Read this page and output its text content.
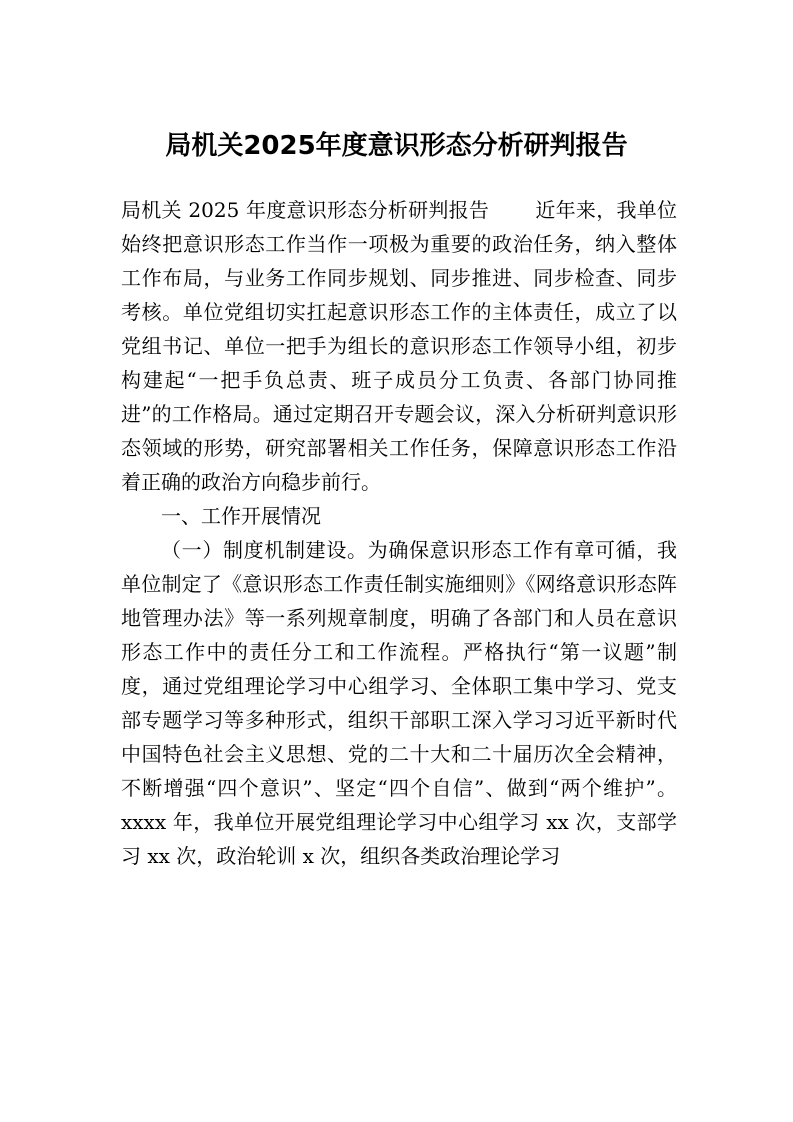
局机关2025年度意识形态分析研判报告

局机关 2025 年度意识形态分析研判报告 近年来，我单位始终把意识形态工作当作一项极为重要的政治任务，纳入整体工作布局，与业务工作同步规划、同步推进、同步检查、同步考核。单位党组切实扛起意识形态工作的主体责任，成立了以党组书记、单位一把手为组长的意识形态工作领导小组，初步构建起“一把手负总责、班子成员分工负责、各部门协同推进”的工作格局。通过定期召开专题会议，深入分析研判意识形态领域的形势，研究部署相关工作任务，保障意识形态工作沿着正确的政治方向稳步前行。

一、工作开展情况

（一）制度机制建设。为确保意识形态工作有章可循，我单位制定了《意识形态工作责任制实施细则》《网络意识形态阵地管理办法》等一系列规章制度，明确了各部门和人员在意识形态工作中的责任分工和工作流程。严格执行“第一议题”制度，通过党组理论学习中心组学习、全体职工集中学习、党支部专题学习等多种形式，组织干部职工深入学习习近平新时代中国特色社会主义思想、党的二十大和二十届历次全会精神，不断增强“四个意识”、坚定“四个自信”、做到“两个维护”。xxxx 年，我单位开展党组理论学习中心组学习 xx 次，支部学习 xx 次，政治轮训 x 次，组织各类政治理论学习
